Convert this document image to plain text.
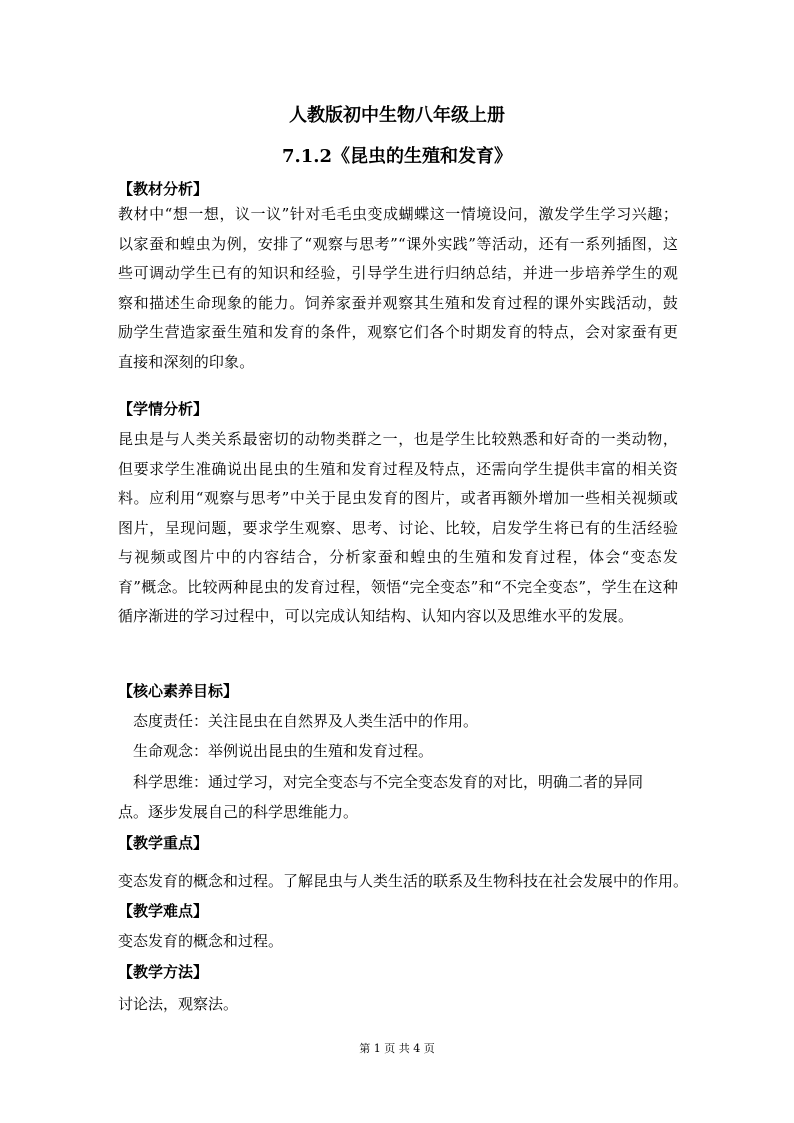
人教版初中生物八年级上册
7.1.2《昆虫的生殖和发育》
【教材分析】
教材中“想一想，议一议”针对毛毛虫变成蝴蝶这一情境设问，激发学生学习兴趣；以家蚕和蝗虫为例，安排了“观察与思考”“课外实践”等活动，还有一系列插图，这些可调动学生已有的知识和经验，引导学生进行归纳总结，并进一步培养学生的观察和描述生命现象的能力。饲养家蚕并观察其生殖和发育过程的课外实践活动，鼓励学生营造家蚕生殖和发育的条件，观察它们各个时期发育的特点，会对家蚕有更直接和深刻的印象。
【学情分析】
昆虫是与人类关系最密切的动物类群之一，也是学生比较熟悉和好奇的一类动物，但要求学生准确说出昆虫的生殖和发育过程及特点，还需向学生提供丰富的相关资料。应利用“观察与思考”中关于昆虫发育的图片，或者再额外增加一些相关视频或图片，呈现问题，要求学生观察、思考、讨论、比较，启发学生将已有的生活经验与视频或图片中的内容结合，分析家蚕和蝗虫的生殖和发育过程，体会“变态发育”概念。比较两种昆虫的发育过程，领悟“完全变态”和“不完全变态”，学生在这种循序渐进的学习过程中，可以完成认知结构、认知内容以及思维水平的发展。
【核心素养目标】
态度责任：关注昆虫在自然界及人类生活中的作用。
生命观念：举例说出昆虫的生殖和发育过程。
科学思维：通过学习，对完全变态与不完全变态发育的对比，明确二者的异同
点。逐步发展自己的科学思维能力。
【教学重点】
变态发育的概念和过程。了解昆虫与人类生活的联系及生物科技在社会发展中的作用。
【教学难点】
变态发育的概念和过程。
【教学方法】
讨论法，观察法。
第 1 页 共 4 页
